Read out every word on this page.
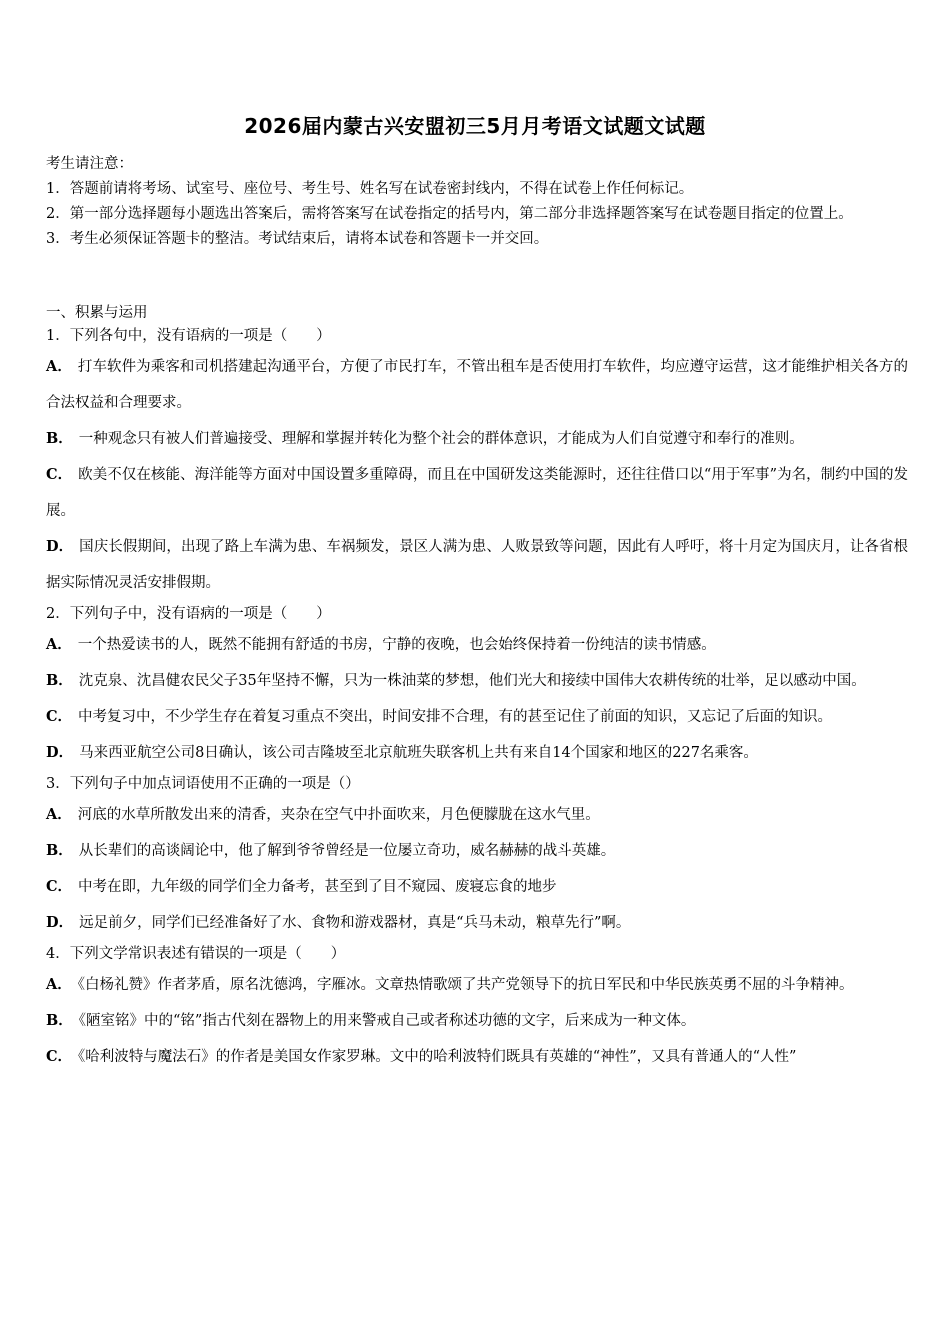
2026届内蒙古兴安盟初三5月月考语文试题文试题

考生请注意：

1．答题前请将考场、试室号、座位号、考生号、姓名写在试卷密封线内，不得在试卷上作任何标记。

2．第一部分选择题每小题选出答案后，需将答案写在试卷指定的括号内，第二部分非选择题答案写在试卷题目指定的位置上。

3．考生必须保证答题卡的整洁。考试结束后，请将本试卷和答题卡一并交回。

一、积累与运用

1．下列各句中，没有语病的一项是（　　）

A． 打车软件为乘客和司机搭建起沟通平台，方便了市民打车，不管出租车是否使用打车软件，均应遵守运营，这才能维护相关各方的合法权益和合理要求。

B． 一种观念只有被人们普遍接受、理解和掌握并转化为整个社会的群体意识，才能成为人们自觉遵守和奉行的准则。

C． 欧美不仅在核能、海洋能等方面对中国设置多重障碍，而且在中国研发这类能源时，还往往借口以“用于军事”为名，制约中国的发展。

D． 国庆长假期间，出现了路上车满为患、车祸频发，景区人满为患、人败景致等问题，因此有人呼吁，将十月定为国庆月，让各省根据实际情况灵活安排假期。

2．下列句子中，没有语病的一项是（　　）

A． 一个热爱读书的人，既然不能拥有舒适的书房，宁静的夜晚，也会始终保持着一份纯洁的读书情感。

B． 沈克泉、沈昌健农民父子35年坚持不懈，只为一株油菜的梦想，他们光大和接续中国伟大农耕传统的壮举，足以感动中国。

C． 中考复习中，不少学生存在着复习重点不突出，时间安排不合理，有的甚至记住了前面的知识，又忘记了后面的知识。

D． 马来西亚航空公司8日确认，该公司吉隆坡至北京航班失联客机上共有来自14个国家和地区的227名乘客。

3．下列句子中加点词语使用不正确的一项是（）

A． 河底的水草所散发出来的清香，夹杂在空气中扑面吹来，月色便朦胧在这水气里。

B． 从长辈们的高谈阔论中，他了解到爷爷曾经是一位屡立奇功，威名赫赫的战斗英雄。

C． 中考在即，九年级的同学们全力备考，甚至到了目不窥园、废寝忘食的地步

D． 远足前夕，同学们已经准备好了水、食物和游戏器材，真是“兵马未动，粮草先行”啊。

4．下列文学常识表述有错误的一项是（　　）

A． 《白杨礼赞》作者茅盾，原名沈德鸿，字雁冰。文章热情歌颂了共产党领导下的抗日军民和中华民族英勇不屈的斗争精神。

B． 《陋室铭》中的“铭”指古代刻在器物上的用来警戒自己或者称述功德的文字，后来成为一种文体。

C． 《哈利波特与魔法石》的作者是美国女作家罗琳。文中的哈利波特们既具有英雄的“神性”，又具有普通人的“人性”
